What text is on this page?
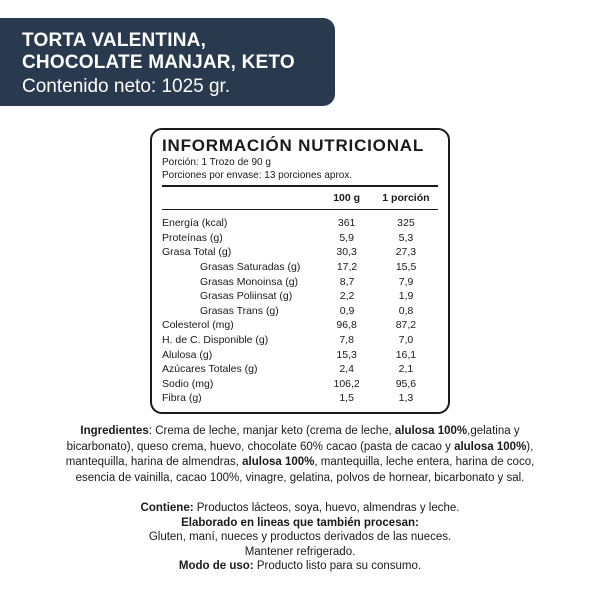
TORTA VALENTINA,
CHOCOLATE MANJAR, KETO
Contenido neto: 1025 gr.
INFORMACIÓN NUTRICIONAL
Porción: 1 Trozo de 90 g
Porciones por envase: 13 porciones aprox.
100 g	1 porción
Energía (kcal)	361	325
Proteínas (g)	5,9	5,3
Grasa Total (g)	30,3	27,3
Grasas Saturadas (g)	17,2	15,5
Grasas Monoinsa (g)	8,7	7,9
Grasas Poliinsat (g)	2,2	1,9
Grasas Trans (g)	0,9	0,8
Colesterol (mg)	96,8	87,2
H. de C. Disponible (g)	7,8	7,0
Alulosa (g)	15,3	16,1
Azúcares Totales (g)	2,4	2,1
Sodio (mg)	106,2	95,6
Fibra (g)	1,5	1,3
Ingredientes: Crema de leche, manjar keto (crema de leche, alulosa 100%,gelatina y bicarbonato), queso crema, huevo, chocolate 60% cacao (pasta de cacao y alulosa 100%), mantequilla, harina de almendras, alulosa 100%, mantequilla, leche entera, harina de coco, esencia de vainilla, cacao 100%, vinagre, gelatina, polvos de hornear, bicarbonato y sal.
Contiene: Productos lácteos, soya, huevo, almendras y leche.
Elaborado en lineas que también procesan:
Gluten, maní, nueces y productos derivados de las nueces.
Mantener refrigerado.
Modo de uso: Producto listo para su consumo.
